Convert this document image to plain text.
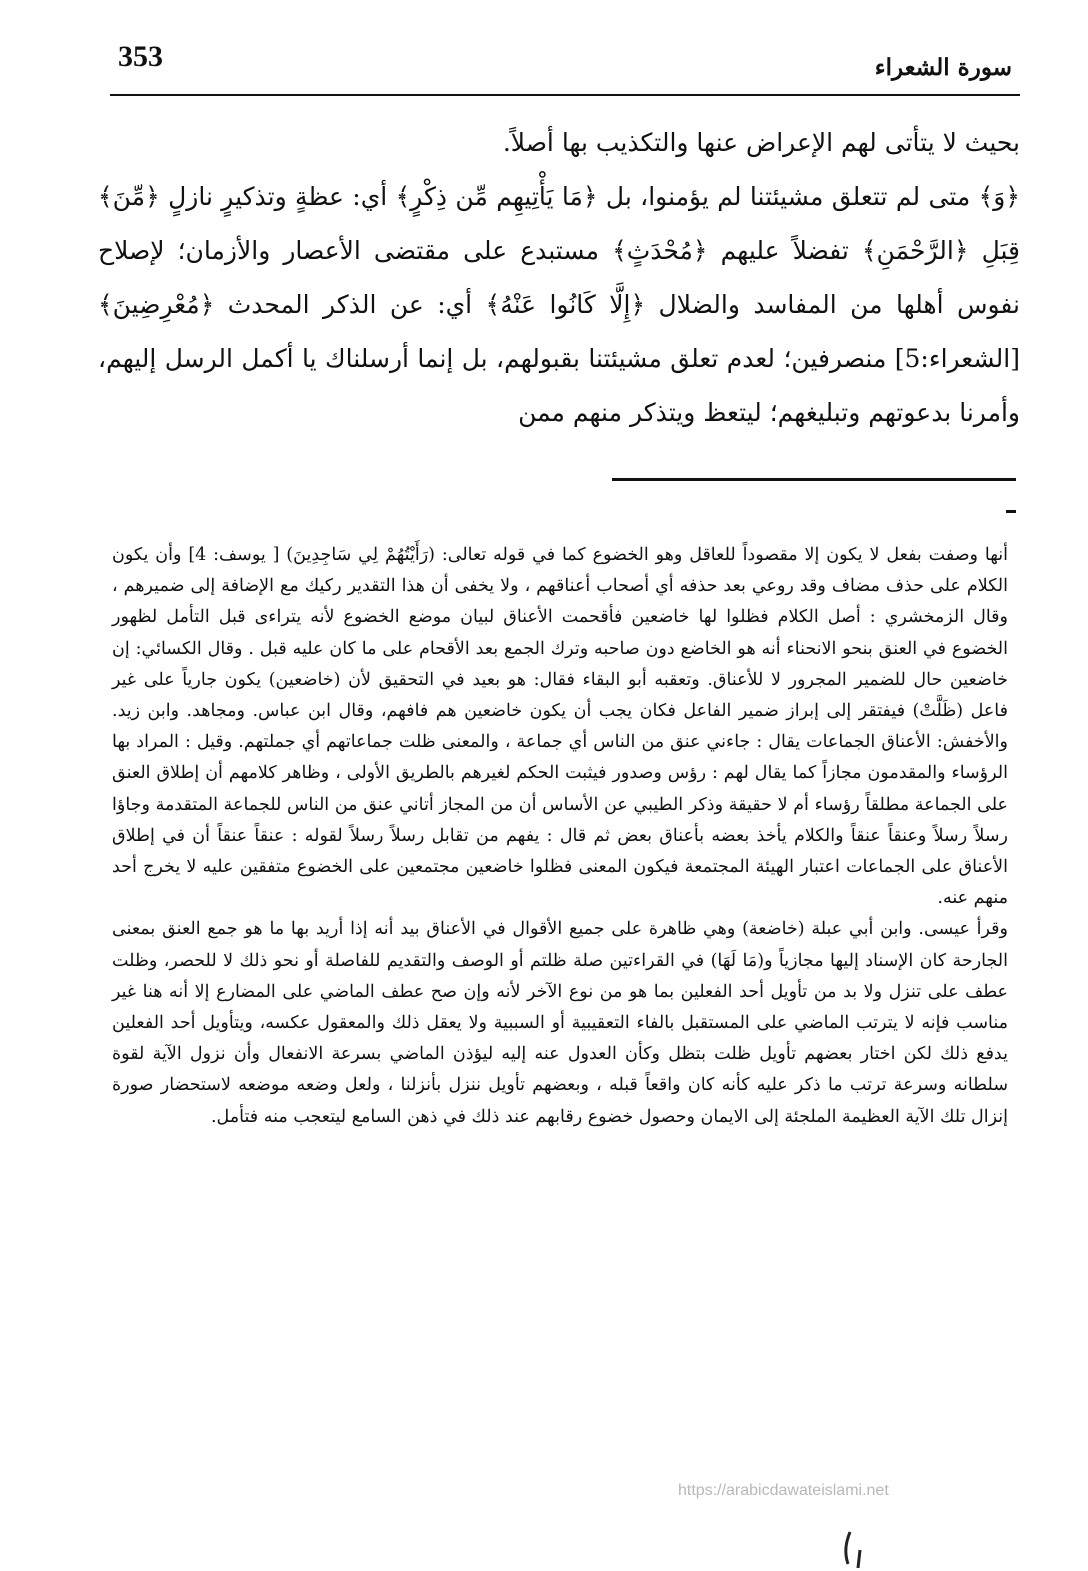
353	سورة الشعراء

بحيث لا يتأتى لهم الإعراض عنها والتكذيب بها أصلاً.

﴿وَ﴾ متى لم تتعلق مشيئتنا لم يؤمنوا، بل ﴿مَا يَأْتِيهِم مِّن ذِكْرٍ﴾ أي: عظةٍ وتذكيرٍ نازلٍ ﴿مِّنَ﴾ قِبَلِ ﴿الرَّحْمَنِ﴾ تفضلاً عليهم ﴿مُحْدَثٍ﴾ مستبدع على مقتضى الأعصار والأزمان؛ لإصلاح نفوس أهلها من المفاسد والضلال ﴿إِلَّا كَانُوا عَنْهُ﴾ أي: عن الذكر المحدث ﴿مُعْرِضِينَ﴾ [الشعراء:5] منصرفين؛ لعدم تعلق مشيئتنا بقبولهم، بل إنما أرسلناك يا أكمل الرسل إليهم، وأمرنا بدعوتهم وتبليغهم؛ ليتعظ ويتذكر منهم ممن

أنها وصفت بفعل لا يكون إلا مقصوداً للعاقل وهو الخضوع كما في قوله تعالى: (رَأَيْتُهُمْ لِي سَاجِدِينَ) [ يوسف: 4] وأن يكون الكلام على حذف مضاف وقد روعي بعد حذفه أي أصحاب أعناقهم ، ولا يخفى أن هذا التقدير ركيك مع الإضافة إلى ضميرهم ، وقال الزمخشري : أصل الكلام فظلوا لها خاضعين فأقحمت الأعناق لبيان موضع الخضوع لأنه يتراءى قبل التأمل لظهور الخضوع في العنق بنحو الانحناء أنه هو الخاضع دون صاحبه وترك الجمع بعد الأقحام على ما كان عليه قبل . وقال الكسائي: إن خاضعين حال للضمير المجرور لا للأعناق. وتعقبه أبو البقاء فقال: هو بعيد في التحقيق لأن (خاضعين) يكون جارياً على غير فاعل (ظَلَّتْ) فيفتقر إلى إبراز ضمير الفاعل فكان يجب أن يكون خاضعين هم فافهم، وقال ابن عباس. ومجاهد. وابن زيد. والأخفش: الأعناق الجماعات يقال : جاءني عنق من الناس أي جماعة ، والمعنى ظلت جماعاتهم أي جملتهم. وقيل : المراد بها الرؤساء والمقدمون مجازاً كما يقال لهم : رؤس وصدور فيثبت الحكم لغيرهم بالطريق الأولى ، وظاهر كلامهم أن إطلاق العنق على الجماعة مطلقاً رؤساء أم لا حقيقة وذكر الطيبي عن الأساس أن من المجاز أتاني عنق من الناس للجماعة المتقدمة وجاؤا رسلاً رسلاً وعنقاً عنقاً والكلام يأخذ بعضه بأعناق بعض ثم قال : يفهم من تقابل رسلاً رسلاً لقوله : عنقاً عنقاً أن في إطلاق الأعناق على الجماعات اعتبار الهيئة المجتمعة فيكون المعنى فظلوا خاضعين مجتمعين على الخضوع متفقين عليه لا يخرج أحد منهم عنه.

وقرأ عيسى. وابن أبي عبلة (خاضعة) وهي ظاهرة على جميع الأقوال في الأعناق بيد أنه إذا أريد بها ما هو جمع العنق بمعنى الجارحة كان الإسناد إليها مجازياً و(مَا لَهَا) في القراءتين صلة ظلتم أو الوصف والتقديم للفاصلة أو نحو ذلك لا للحصر، وظلت عطف على تنزل ولا بد من تأويل أحد الفعلين بما هو من نوع الآخر لأنه وإن صح عطف الماضي على المضارع إلا أنه هنا غير مناسب فإنه لا يترتب الماضي على المستقبل بالفاء التعقيبية أو السببية ولا يعقل ذلك والمعقول عكسه، ويتأويل أحد الفعلين يدفع ذلك لكن اختار بعضهم تأويل ظلت بتظل وكأن العدول عنه إليه ليؤذن الماضي بسرعة الانفعال وأن نزول الآية لقوة سلطانه وسرعة ترتب ما ذكر عليه كأنه كان واقعاً قبله ، وبعضهم تأويل ننزل بأنزلنا ، ولعل وضعه موضعه لاستحضار صورة إنزال تلك الآية العظيمة الملجئة إلى الايمان وحصول خضوع رقابهم عند ذلك في ذهن السامع ليتعجب منه فتأمل.

https://arabicdawateislami.net
